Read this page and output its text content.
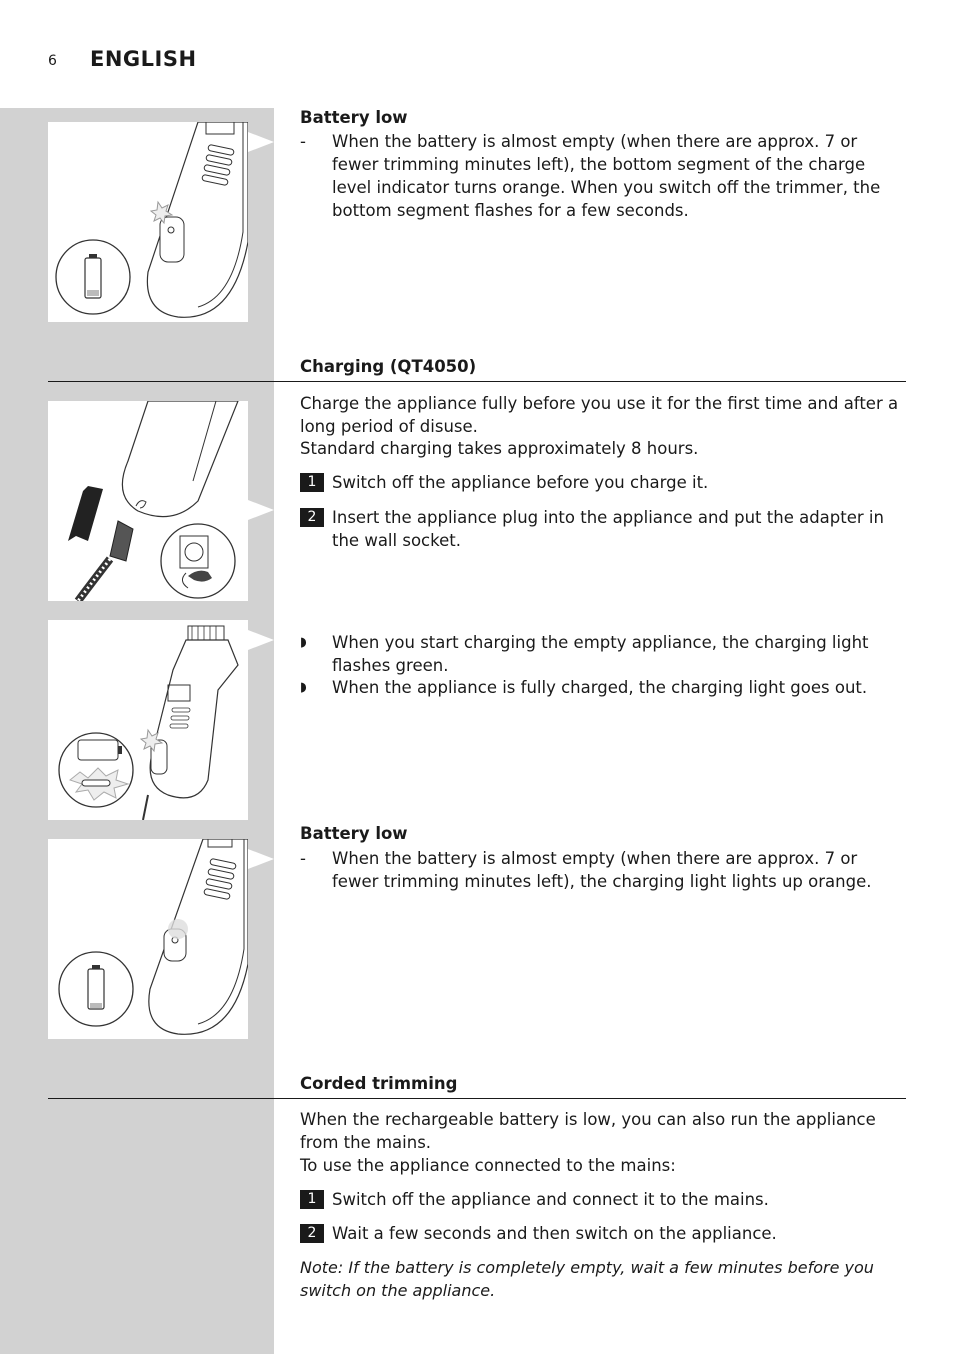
6 ENGLISH
Battery low
-	When the battery is almost empty (when there are approx. 7 or fewer trimming minutes left), the bottom segment of the charge level indicator turns orange. When you switch off the trimmer, the bottom segment flashes for a few seconds.
Charging (QT4050)
Charge the appliance fully before you use it for the first time and after a long period of disuse.
Standard charging takes approximately 8 hours.
1 Switch off the appliance before you charge it.
2 Insert the appliance plug into the appliance and put the adapter in the wall socket.
◗	When you start charging the empty appliance, the charging light flashes green.
◗	When the appliance is fully charged, the charging light goes out.
Battery low
-	When the battery is almost empty (when there are approx. 7 or fewer trimming minutes left), the charging light lights up orange.
Corded trimming
When the rechargeable battery is low, you can also run the appliance from the mains.
To use the appliance connected to the mains:
1 Switch off the appliance and connect it to the mains.
2 Wait a few seconds and then switch on the appliance.
Note: If the battery is completely empty, wait a few minutes before you switch on the appliance.
